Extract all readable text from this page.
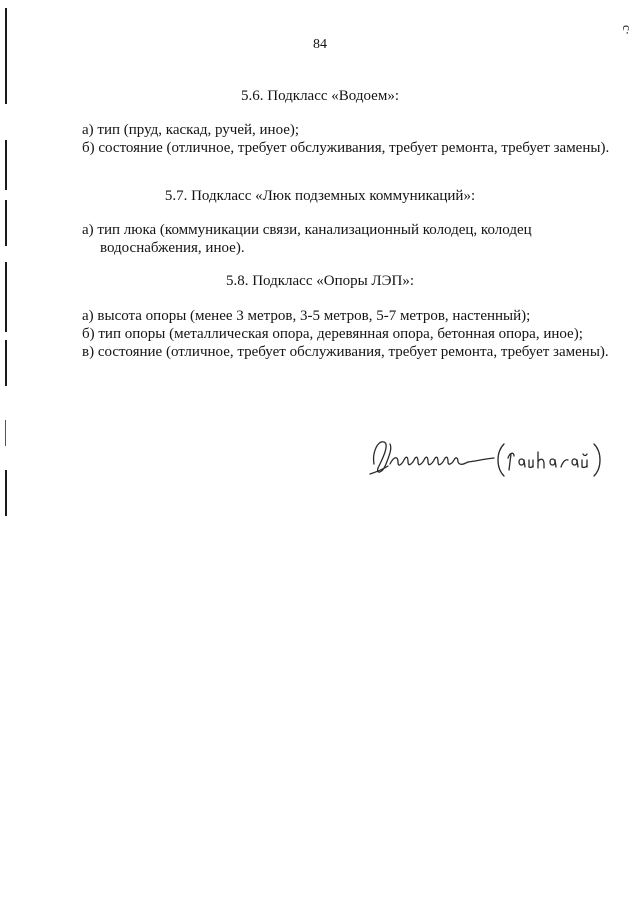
с·
84
5.6. Подкласс «Водоем»:
а) тип (пруд, каскад, ручей, иное);
б) состояние (отличное, требует обслуживания, требует ремонта, требует замены).
5.7. Подкласс «Люк подземных коммуникаций»:
а) тип люка (коммуникации связи, канализационный колодец, колодец водоснабжения, иное).
5.8. Подкласс «Опоры ЛЭП»:
а) высота опоры (менее 3 метров, 3-5 метров, 5-7 метров, настенный);
б) тип опоры (металлическая опора, деревянная опора, бетонная опора, иное);
в) состояние (отличное, требует обслуживания, требует ремонта, требует замены).
